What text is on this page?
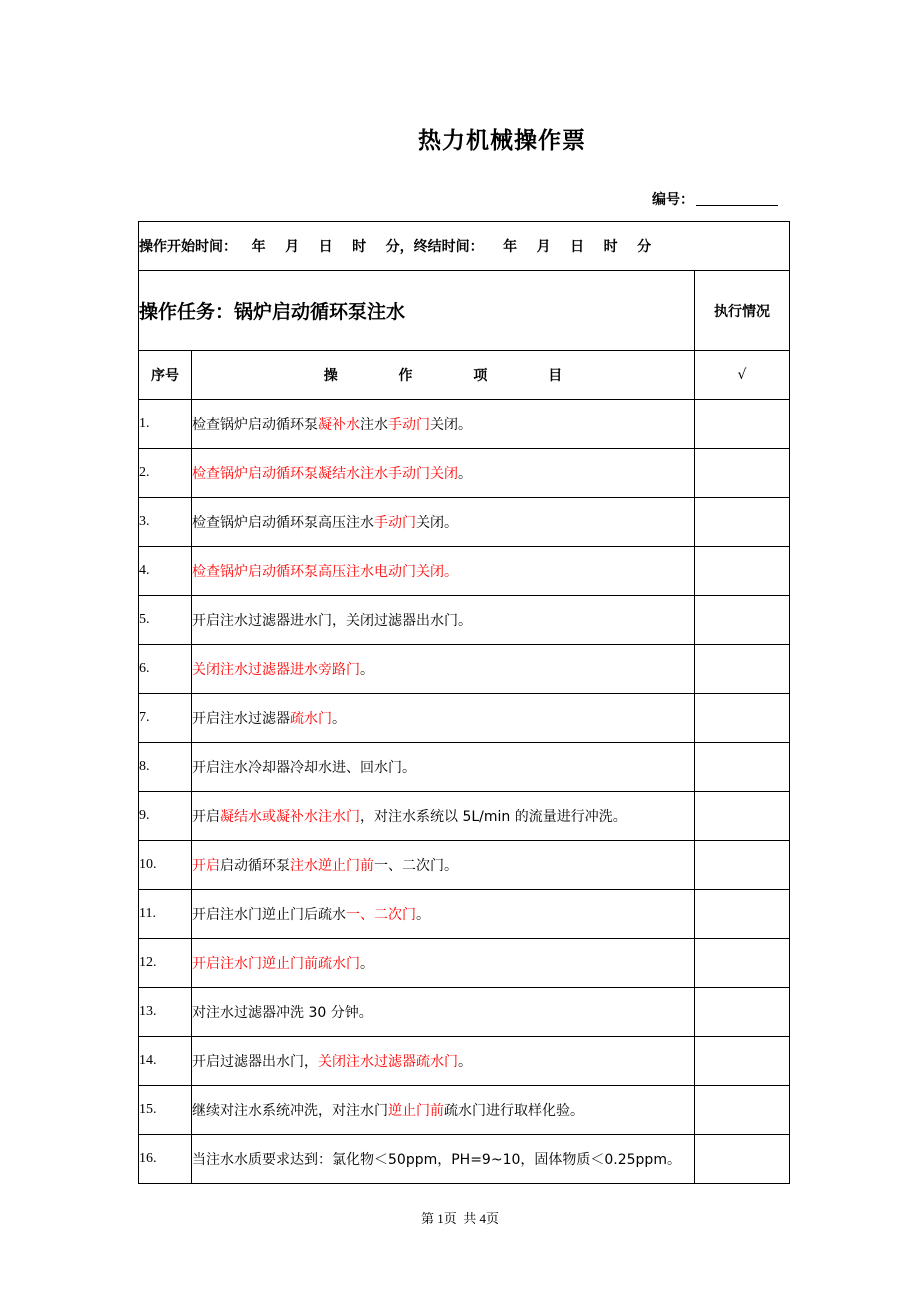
热力机械操作票
编号：
操作开始时间：   年    月    日    时    分，终结时间：    年    月    日    时    分		
操作任务：锅炉启动循环泵注水		执行情况
序号	操 作 项 目	√
1.	检查锅炉启动循环泵凝补水注水手动门关闭。	
2.	检查锅炉启动循环泵凝结水注水手动门关闭。	
3.	检查锅炉启动循环泵高压注水手动门关闭。	
4.	检查锅炉启动循环泵高压注水电动门关闭。	
5.	开启注水过滤器进水门，关闭过滤器出水门。	
6.	关闭注水过滤器进水旁路门。	
7.	开启注水过滤器疏水门。	
8.	开启注水冷却器冷却水进、回水门。	
9.	开启凝结水或凝补水注水门，对注水系统以 5L/min 的流量进行冲洗。	
10.	开启启动循环泵注水逆止门前一、二次门。	
11.	开启注水门逆止门后疏水一、二次门。	
12.	开启注水门逆止门前疏水门。	
13.	对注水过滤器冲洗 30 分钟。	
14.	开启过滤器出水门，关闭注水过滤器疏水门。	
15.	继续对注水系统冲洗，对注水门逆止门前疏水门进行取样化验。	
16.	当注水水质要求达到：氯化物＜50ppm，PH=9~10，固体物质＜0.25ppm。	
第 1页  共 4页
